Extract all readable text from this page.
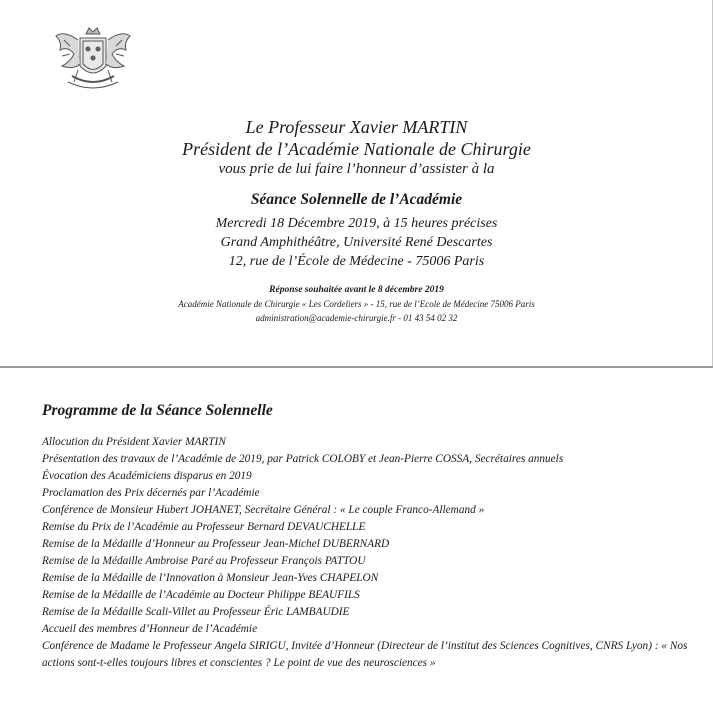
Le Professeur Xavier MARTIN
Président de l’Académie Nationale de Chirurgie
vous prie de lui faire l’honneur d’assister à la
Séance Solennelle de l’Académie
Mercredi 18 Décembre 2019, à 15 heures précises
Grand Amphithéâtre, Université René Descartes
12, rue de l’École de Médecine - 75006 Paris
Réponse souhaitée avant le 8 décembre 2019
Académie Nationale de Chirurgie « Les Cordeliers » - 15, rue de l’Ecole de Médecine 75006 Paris
administration@academie-chirurgie.fr - 01 43 54 02 32
Programme de la Séance Solennelle
Allocution du Président Xavier MARTIN
Présentation des travaux de l’Académie de 2019, par Patrick COLOBY et Jean-Pierre COSSA, Secrétaires annuels
Évocation des Académiciens disparus en 2019
Proclamation des Prix décernés par l’Académie
Conférence de Monsieur Hubert JOHANET, Secrétaire Général : « Le couple Franco-Allemand »
Remise du Prix de l’Académie au Professeur Bernard DEVAUCHELLE
Remise de la Médaille d’Honneur au Professeur Jean-Michel DUBERNARD
Remise de la Médaille Ambroise Paré au Professeur François PATTOU
Remise de la Médaille de l’Innovation à Monsieur Jean-Yves CHAPELON
Remise de la Médaille de l’Académie au Docteur Philippe BEAUFILS
Remise de la Médaille Scali-Villet au Professeur Éric LAMBAUDIE
Accueil des membres d’Honneur de l’Académie
Conférence de Madame le Professeur Angela SIRIGU, Invitée d’Honneur (Directeur de l’institut des Sciences Cognitives, CNRS Lyon) : « Nos actions sont-t-elles toujours libres et conscientes ? Le point de vue des neurosciences »
